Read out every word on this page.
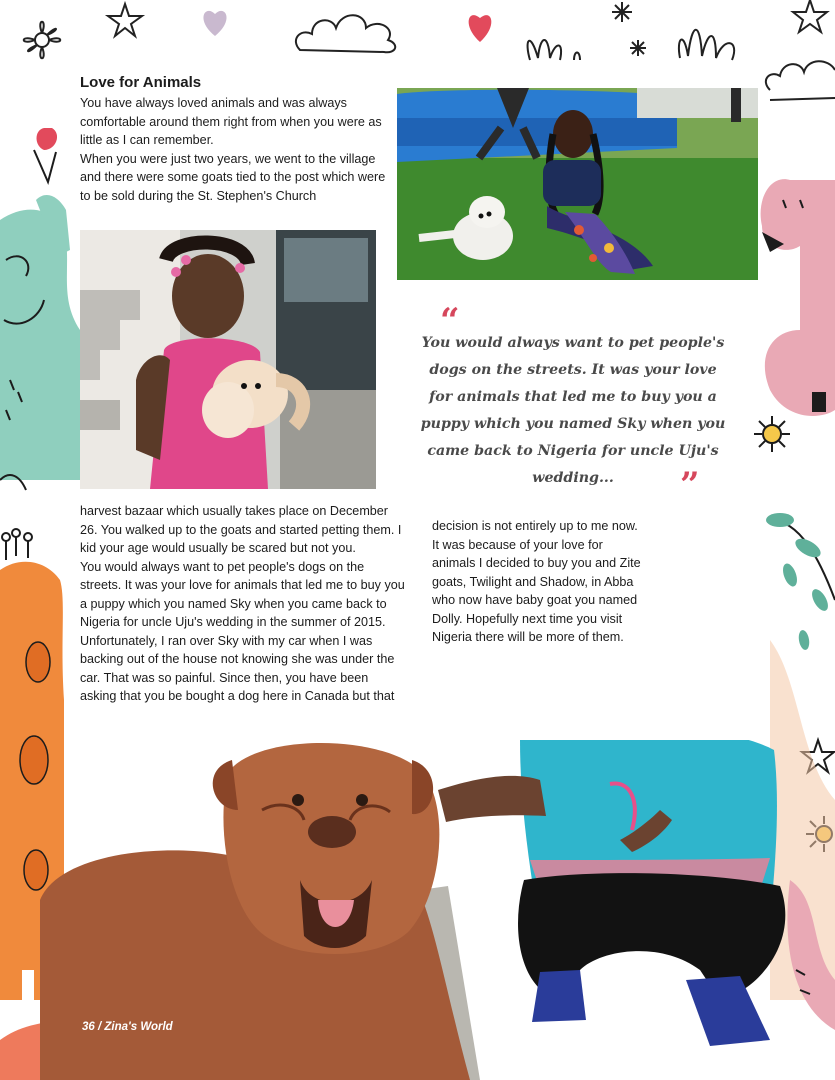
Love for Animals

You have always loved animals and was always comfortable around them right from when you were as little as I can remember.

When you were just two years, we went to the village and there were some goats tied to the post which were to be sold during the St. Stephen's Church

“

You would always want to pet people's dogs on the streets. It was your love for animals that led me to buy you a puppy which you named Sky when you came back to Nigeria for uncle Uju's wedding...	”

harvest bazaar which usually takes place on December 26. You walked up to the goats and started petting them. I kid your age would usually be scared but not you.

You would always want to pet people's dogs on the streets. It was your love for animals that led me to buy you a puppy which you named Sky when you came back to Nigeria for uncle Uju's wedding in the summer of 2015. Unfortunately, I ran over Sky with my car when I was backing out of the house not knowing she was under the car. That was so painful. Since then, you have been asking that you be bought a dog here in Canada but that

decision is not entirely up to me now. It was because of your love for animals I decided to buy you and Zite goats, Twilight and Shadow, in Abba who now have baby goat you named Dolly. Hopefully next time you visit Nigeria there will be more of them.

36 / Zina's World
